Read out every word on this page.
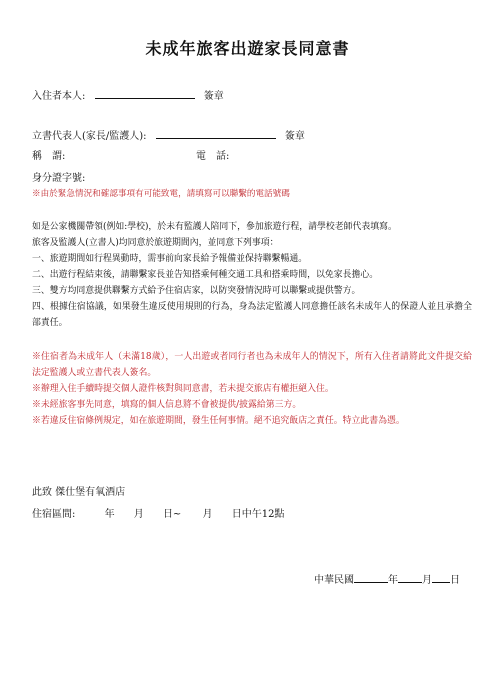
未成年旅客出遊家長同意書
入住者本人:	簽章
立書代表人(家長/監護人):	簽章
稱　謂:	電　話:
身分證字號:
※由於緊急情況和確認事項有可能致電，請填寫可以聯繫的電話號碼
如是公家機關帶領(例如:學校)，於未有監護人陪同下，參加旅遊行程，請學校老師代表填寫。
旅客及監護人(立書人)均同意於旅遊期間內，並同意下列事項：
一、旅遊期間如行程異動時，需事前向家長給予報備並保持聯繫暢通。
二、出遊行程結束後，請聯繫家長並告知搭乘何種交通工具和搭乘時間，以免家長擔心。
三、雙方均同意提供聯繫方式給予住宿店家，以防突發情況時可以聯繫或提供警方。
四、根據住宿協議，如果發生違反使用規則的行為，身為法定監護人同意擔任該名未成年人的保證人並且承擔全部責任。
※住宿者為未成年人（未滿18歲），一人出遊或者同行者也為未成年人的情況下，所有入住者請將此文件提交給法定監護人或立書代表人簽名。
※辦理入住手續時提交個人證件核對與同意書，若未提交旅店有權拒絕入住。
※未經旅客事先同意，填寫的個人信息將不會被提供/披露給第三方。
※若違反住宿條例規定，如在旅遊期間，發生任何事情。絕不追究飯店之責任。特立此書為憑。
此致 傑仕堡有氧酒店
住宿區間:	年 月 日~ 月 日中午12點
中華民國	年 月 日
